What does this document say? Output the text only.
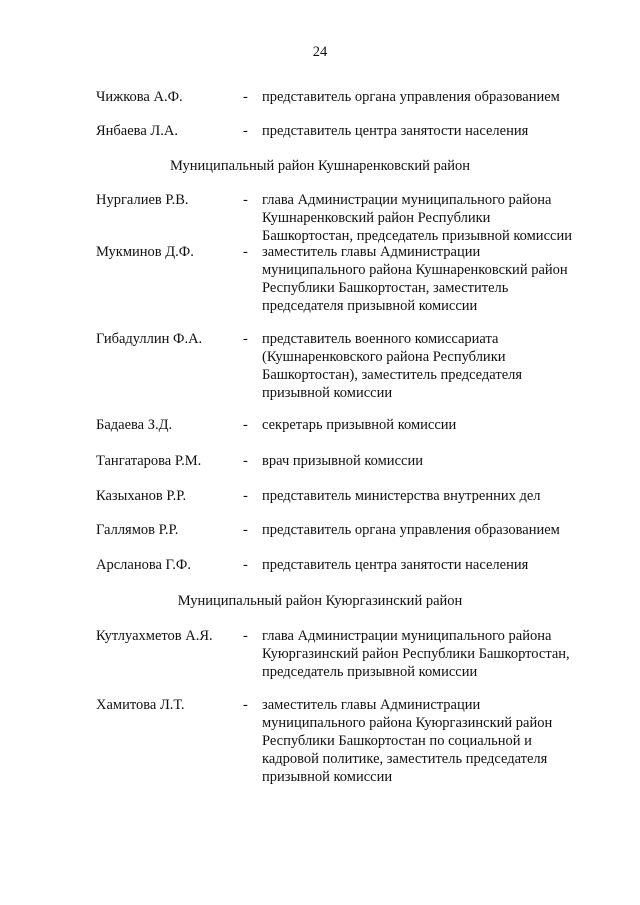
24
Чижкова А.Ф.	- представитель органа управления образованием
Янбаева Л.А.	- представитель центра занятости населения
Муниципальный район Кушнаренковский район
Нургалиев Р.В.	- глава Администрации муниципального района
Кушнаренковский район Республики
Башкортостан, председатель призывной комиссии
Мукминов Д.Ф.	- заместитель главы Администрации
муниципального района Кушнаренковский район
Республики Башкортостан, заместитель
председателя призывной комиссии
Гибадуллин Ф.А.	- представитель военного комиссариата
(Кушнаренковского района Республики
Башкортостан), заместитель председателя
призывной комиссии
Бадаева З.Д.	- секретарь призывной комиссии
Тангатарова Р.М.	- врач призывной комиссии
Казыханов Р.Р.	- представитель министерства внутренних дел
Галлямов Р.Р.	- представитель органа управления образованием
Арсланова Г.Ф.	- представитель центра занятости населения
Муниципальный район Куюргазинский район
Кутлуахметов А.Я. - глава Администрации муниципального района
Куюргазинский район Республики Башкортостан,
председатель призывной комиссии
Хамитова Л.Т.	- заместитель главы Администрации
муниципального района Куюргазинский район
Республики Башкортостан по социальной и
кадровой политике, заместитель председателя
призывной комиссии
